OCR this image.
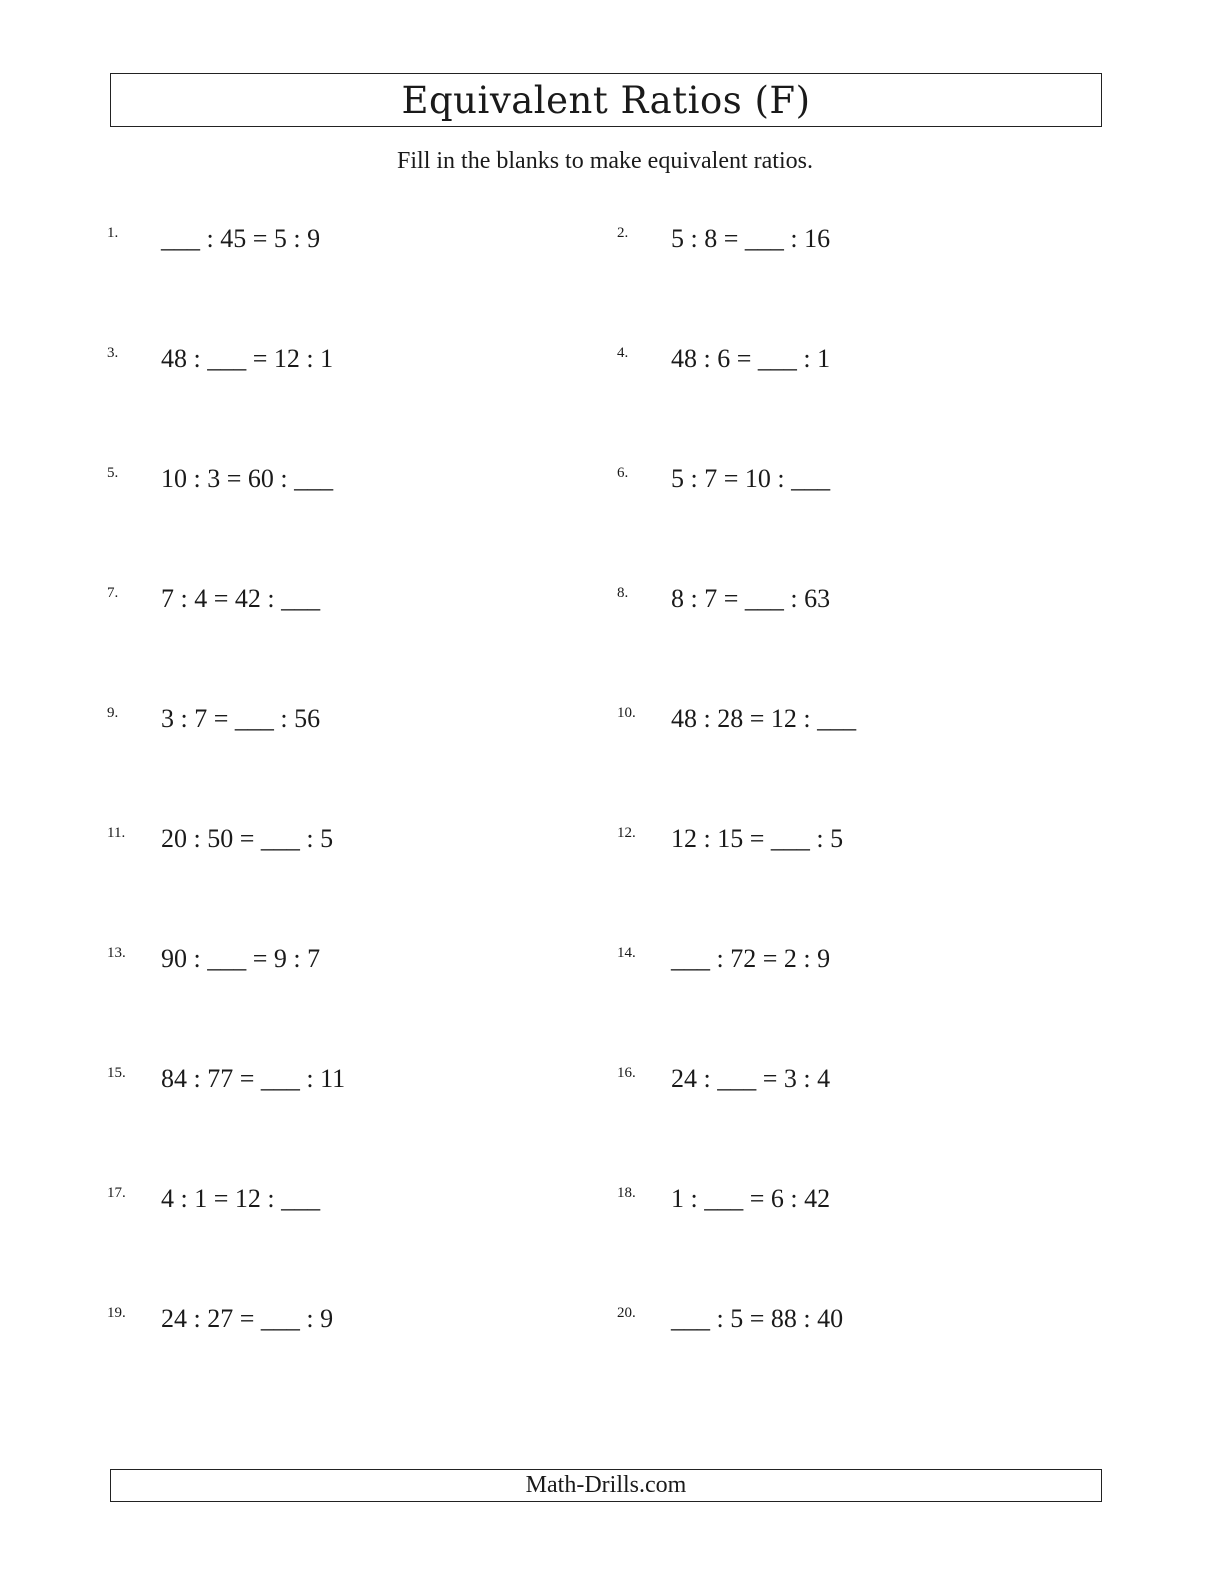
Equivalent Ratios (F)
Fill in the blanks to make equivalent ratios.
1. ___ : 45 = 5 : 9	2. 5 : 8 = ___ : 16
3. 48 : ___ = 12 : 1	4. 48 : 6 = ___ : 1
5. 10 : 3 = 60 : ___	6. 5 : 7 = 10 : ___
7. 7 : 4 = 42 : ___	8. 8 : 7 = ___ : 63
9. 3 : 7 = ___ : 56	10. 48 : 28 = 12 : ___
11. 20 : 50 = ___ : 5	12. 12 : 15 = ___ : 5
13. 90 : ___ = 9 : 7	14. ___ : 72 = 2 : 9
15. 84 : 77 = ___ : 11	16. 24 : ___ = 3 : 4
17. 4 : 1 = 12 : ___	18. 1 : ___ = 6 : 42
19. 24 : 27 = ___ : 9	20. ___ : 5 = 88 : 40
Math-Drills.com
